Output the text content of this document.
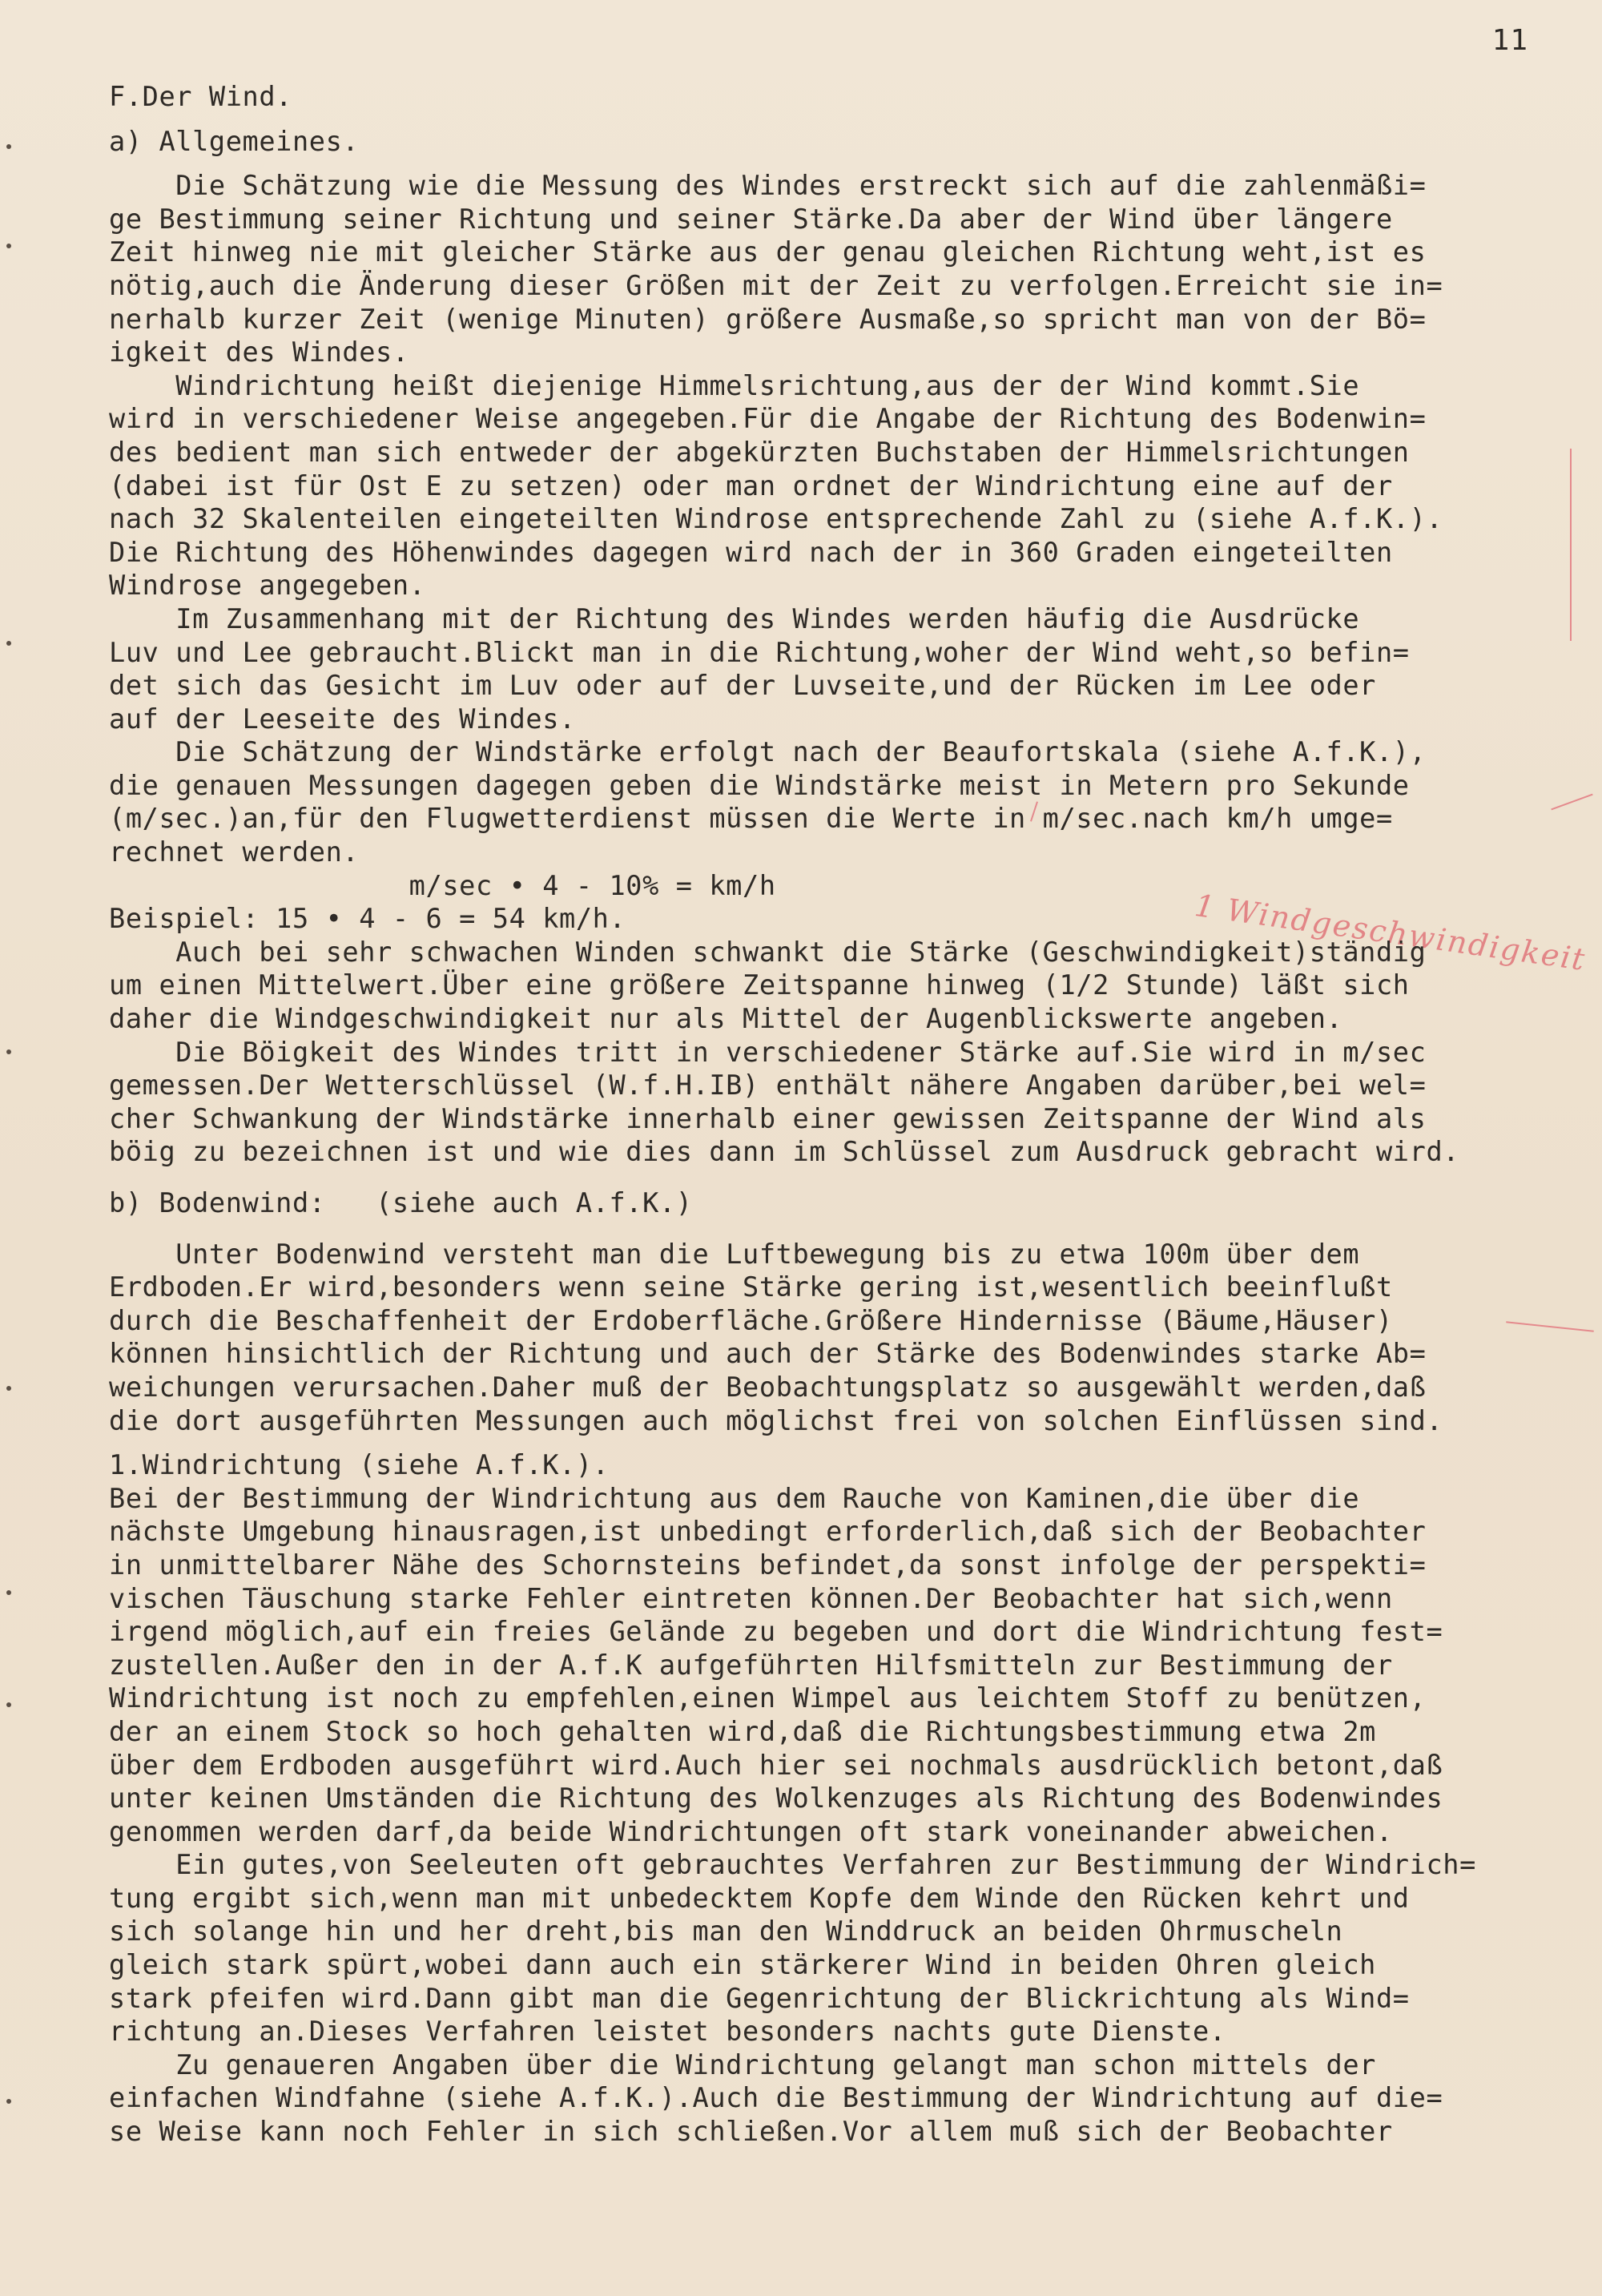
11
1 Windgeschwindigkeit
F.Der Wind.
a) Allgemeines.
Die Schätzung wie die Messung des Windes erstreckt sich auf die zahlenmäßi=
ge Bestimmung seiner Richtung und seiner Stärke.Da aber der Wind über längere
Zeit hinweg nie mit gleicher Stärke aus der genau gleichen Richtung weht,ist es
nötig,auch die Änderung dieser Größen mit der Zeit zu verfolgen.Erreicht sie in=
nerhalb kurzer Zeit (wenige Minuten) größere Ausmaße,so spricht man von der Bö=
igkeit des Windes.
Windrichtung heißt diejenige Himmelsrichtung,aus der der Wind kommt.Sie
wird in verschiedener Weise angegeben.Für die Angabe der Richtung des Bodenwin=
des bedient man sich entweder der abgekürzten Buchstaben der Himmelsrichtungen
(dabei ist für Ost E zu setzen) oder man ordnet der Windrichtung eine auf der
nach 32 Skalenteilen eingeteilten Windrose entsprechende Zahl zu (siehe A.f.K.).
Die Richtung des Höhenwindes dagegen wird nach der in 360 Graden eingeteilten
Windrose angegeben.
Im Zusammenhang mit der Richtung des Windes werden häufig die Ausdrücke
Luv und Lee gebraucht.Blickt man in die Richtung,woher der Wind weht,so befin=
det sich das Gesicht im Luv oder auf der Luvseite,und der Rücken im Lee oder
auf der Leeseite des Windes.
Die Schätzung der Windstärke erfolgt nach der Beaufortskala (siehe A.f.K.),
die genauen Messungen dagegen geben die Windstärke meist in Metern pro Sekunde
(m/sec.)an,für den Flugwetterdienst müssen die Werte in m/sec.nach km/h umge=
rechnet werden.
m/sec • 4 - 10% = km/h
Beispiel: 15 • 4 - 6 = 54 km/h.
Auch bei sehr schwachen Winden schwankt die Stärke (Geschwindigkeit)ständig
um einen Mittelwert.Über eine größere Zeitspanne hinweg (1/2 Stunde) läßt sich
daher die Windgeschwindigkeit nur als Mittel der Augenblickswerte angeben.
Die Böigkeit des Windes tritt in verschiedener Stärke auf.Sie wird in m/sec
gemessen.Der Wetterschlüssel (W.f.H.IB) enthält nähere Angaben darüber,bei wel=
cher Schwankung der Windstärke innerhalb einer gewissen Zeitspanne der Wind als
böig zu bezeichnen ist und wie dies dann im Schlüssel zum Ausdruck gebracht wird.
b) Bodenwind: (siehe auch A.f.K.)
Unter Bodenwind versteht man die Luftbewegung bis zu etwa 100m über dem
Erdboden.Er wird,besonders wenn seine Stärke gering ist,wesentlich beeinflußt
durch die Beschaffenheit der Erdoberfläche.Größere Hindernisse (Bäume,Häuser)
können hinsichtlich der Richtung und auch der Stärke des Bodenwindes starke Ab=
weichungen verursachen.Daher muß der Beobachtungsplatz so ausgewählt werden,daß
die dort ausgeführten Messungen auch möglichst frei von solchen Einflüssen sind.
1.Windrichtung (siehe A.f.K.).
Bei der Bestimmung der Windrichtung aus dem Rauche von Kaminen,die über die
nächste Umgebung hinausragen,ist unbedingt erforderlich,daß sich der Beobachter
in unmittelbarer Nähe des Schornsteins befindet,da sonst infolge der perspekti=
vischen Täuschung starke Fehler eintreten können.Der Beobachter hat sich,wenn
irgend möglich,auf ein freies Gelände zu begeben und dort die Windrichtung fest=
zustellen.Außer den in der A.f.K aufgeführten Hilfsmitteln zur Bestimmung der
Windrichtung ist noch zu empfehlen,einen Wimpel aus leichtem Stoff zu benützen,
der an einem Stock so hoch gehalten wird,daß die Richtungsbestimmung etwa 2m
über dem Erdboden ausgeführt wird.Auch hier sei nochmals ausdrücklich betont,daß
unter keinen Umständen die Richtung des Wolkenzuges als Richtung des Bodenwindes
genommen werden darf,da beide Windrichtungen oft stark voneinander abweichen.
Ein gutes,von Seeleuten oft gebrauchtes Verfahren zur Bestimmung der Windrich=
tung ergibt sich,wenn man mit unbedecktem Kopfe dem Winde den Rücken kehrt und
sich solange hin und her dreht,bis man den Winddruck an beiden Ohrmuscheln
gleich stark spürt,wobei dann auch ein stärkerer Wind in beiden Ohren gleich
stark pfeifen wird.Dann gibt man die Gegenrichtung der Blickrichtung als Wind=
richtung an.Dieses Verfahren leistet besonders nachts gute Dienste.
Zu genaueren Angaben über die Windrichtung gelangt man schon mittels der
einfachen Windfahne (siehe A.f.K.).Auch die Bestimmung der Windrichtung auf die=
se Weise kann noch Fehler in sich schließen.Vor allem muß sich der Beobachter
